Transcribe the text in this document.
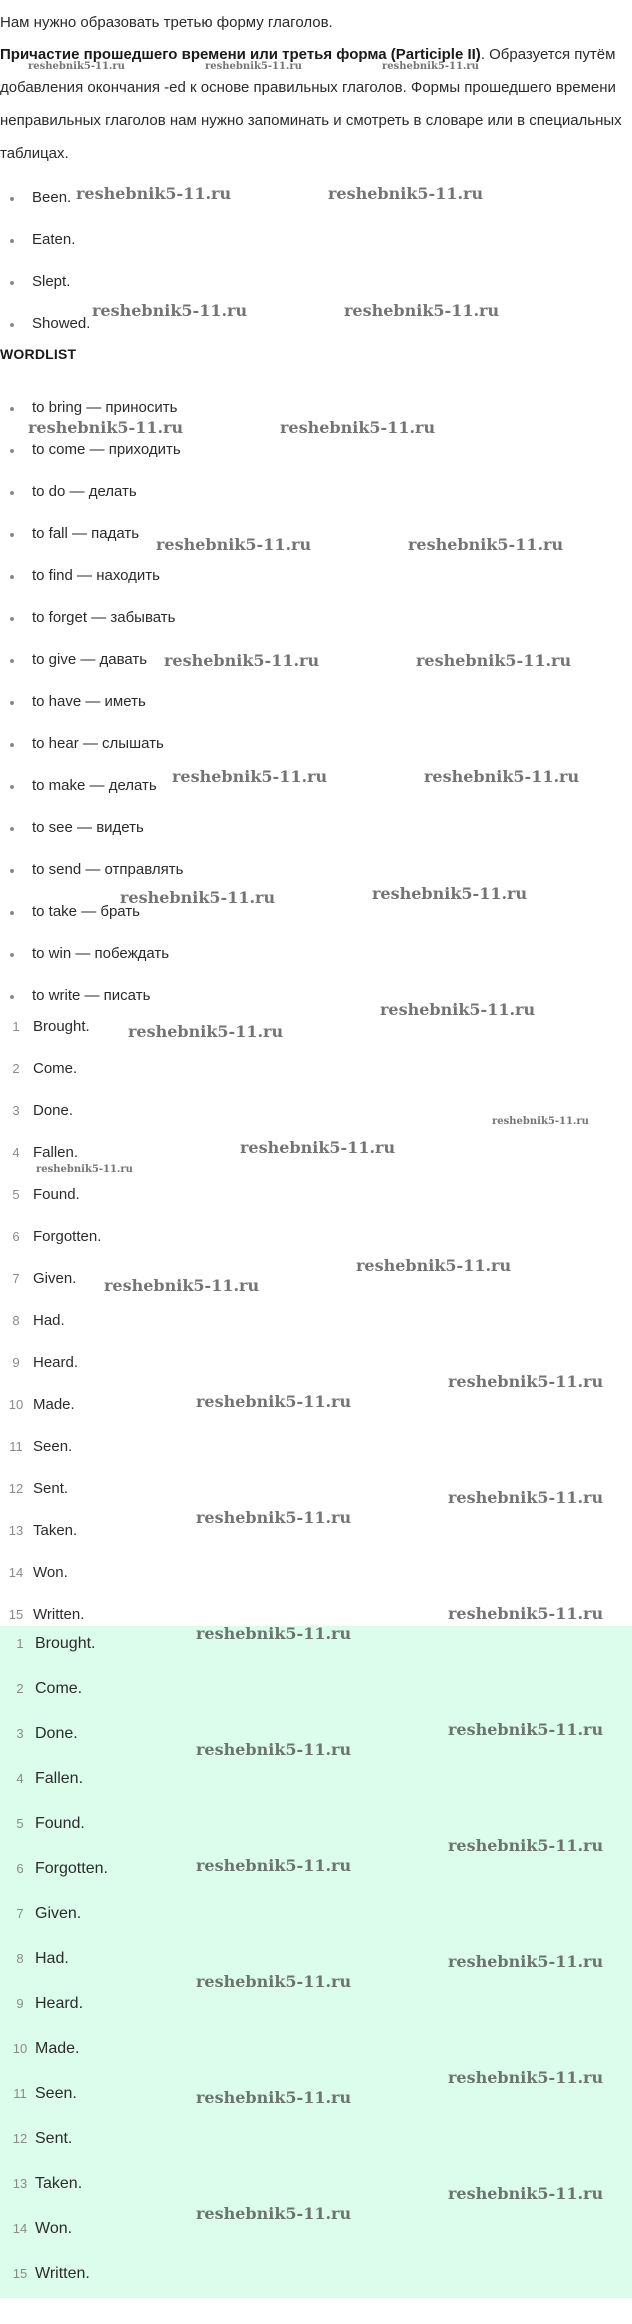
Нам нужно образовать третью форму глаголов.

Причастие прошедшего времени или третья форма (Participle II). Образуется путём добавления окончания -ed к основе правильных глаголов. Формы прошедшего времени неправильных глаголов нам нужно запоминать и смотреть в словаре или в специальных таблицах.

Been.
Eaten.
Slept.
Showed.
WORDLIST
to bring — приносить
to come — приходить
to do — делать
to fall — падать
to find — находить
to forget — забывать
to give — давать
to have — иметь
to hear — слышать
to make — делать
to see — видеть
to send — отправлять
to take — брать
to win — побеждать
to write — писать
1 Brought.
2 Come.
3 Done.
4 Fallen.
5 Found.
6 Forgotten.
7 Given.
8 Had.
9 Heard.
10 Made.
11 Seen.
12 Sent.
13 Taken.
14 Won.
15 Written.
1 Brought.
2 Come.
3 Done.
4 Fallen.
5 Found.
6 Forgotten.
7 Given.
8 Had.
9 Heard.
10 Made.
11 Seen.
12 Sent.
13 Taken.
14 Won.
15 Written.
reshebnik5-11.ru	reshebnik5-11.ru	reshebnik5-11.ru
reshebnik5-11.ru	reshebnik5-11.ru
reshebnik5-11.ru	reshebnik5-11.ru
reshebnik5-11.ru	reshebnik5-11.ru
reshebnik5-11.ru	reshebnik5-11.ru
reshebnik5-11.ru	reshebnik5-11.ru
reshebnik5-11.ru	reshebnik5-11.ru
reshebnik5-11.ru	reshebnik5-11.ru
reshebnik5-11.ru
reshebnik5-11.ru
reshebnik5-11.ru
reshebnik5-11.ru
reshebnik5-11.ru
reshebnik5-11.ru
reshebnik5-11.ru
reshebnik5-11.ru
reshebnik5-11.ru
reshebnik5-11.ru
reshebnik5-11.ru
reshebnik5-11.ru
reshebnik5-11.ru
reshebnik5-11.ru
reshebnik5-11.ru
reshebnik5-11.ru
reshebnik5-11.ru
reshebnik5-11.ru
reshebnik5-11.ru
reshebnik5-11.ru
reshebnik5-11.ru
reshebnik5-11.ru
reshebnik5-11.ru
